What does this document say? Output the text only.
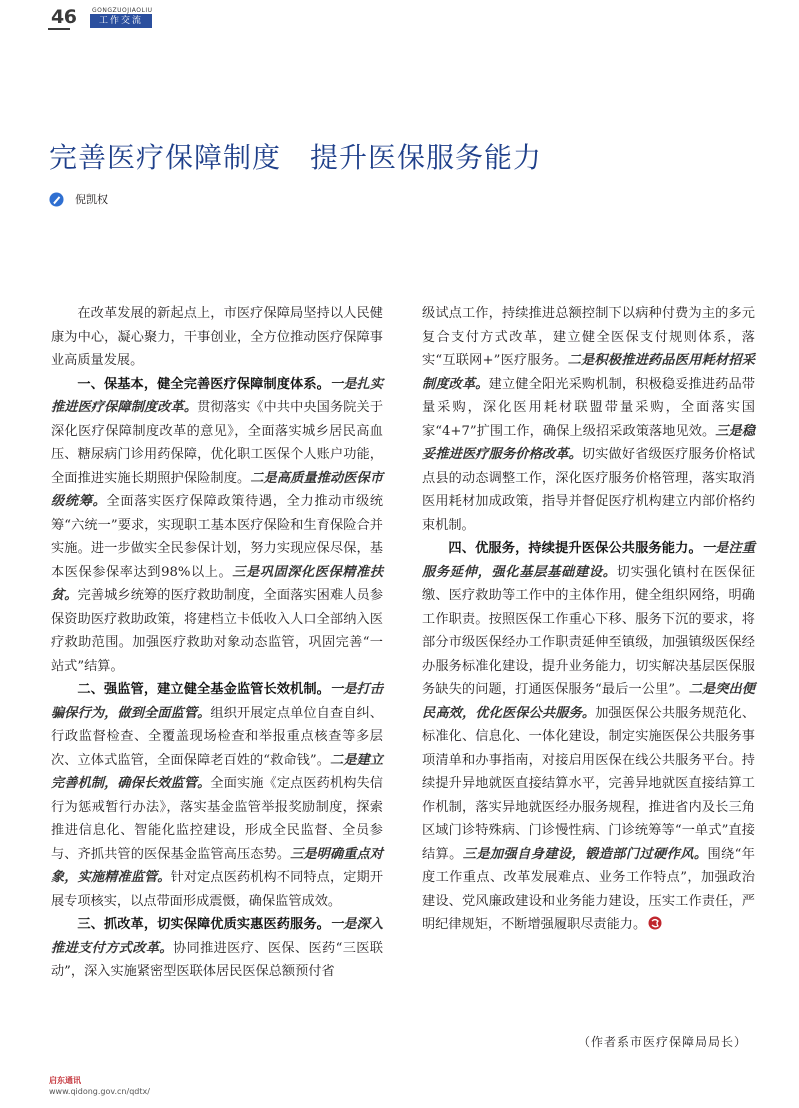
46	GONGZUOJIAOLIU
工作交流
完善医疗保障制度　提升医保服务能力
倪凯权

在改革发展的新起点上，市医疗保障局坚持以人民健康为中心，凝心聚力，干事创业，全方位推动医疗保障事业高质量发展。

一、保基本，健全完善医疗保障制度体系。一是扎实推进医疗保障制度改革。贯彻落实《中共中央国务院关于深化医疗保障制度改革的意见》，全面落实城乡居民高血压、糖尿病门诊用药保障，优化职工医保个人账户功能，全面推进实施长期照护保险制度。二是高质量推动医保市级统筹。全面落实医疗保障政策待遇，全力推动市级统筹“六统一”要求，实现职工基本医疗保险和生育保险合并实施。进一步做实全民参保计划，努力实现应保尽保，基本医保参保率达到98%以上。三是巩固深化医保精准扶贫。完善城乡统筹的医疗救助制度，全面落实困难人员参保资助医疗救助政策，将建档立卡低收入人口全部纳入医疗救助范围。加强医疗救助对象动态监管，巩固完善“一站式”结算。

二、强监管，建立健全基金监管长效机制。一是打击骗保行为，做到全面监管。组织开展定点单位自查自纠、行政监督检查、全覆盖现场检查和举报重点核查等多层次、立体式监管，全面保障老百姓的“救命钱”。二是建立完善机制，确保长效监管。全面实施《定点医药机构失信行为惩戒暂行办法》，落实基金监管举报奖励制度，探索推进信息化、智能化监控建设，形成全民监督、全员参与、齐抓共管的医保基金监管高压态势。三是明确重点对象，实施精准监管。针对定点医药机构不同特点，定期开展专项核实，以点带面形成震慑，确保监管成效。

三、抓改革，切实保障优质实惠医药服务。一是深入推进支付方式改革。协同推进医疗、医保、医药“三医联动”，深入实施紧密型医联体居民医保总额预付省

级试点工作，持续推进总额控制下以病种付费为主的多元复合支付方式改革，建立健全医保支付规则体系，落实“互联网+”医疗服务。二是积极推进药品医用耗材招采制度改革。建立健全阳光采购机制，积极稳妥推进药品带量采购，深化医用耗材联盟带量采购，全面落实国家“4+7”扩围工作，确保上级招采政策落地见效。三是稳妥推进医疗服务价格改革。切实做好省级医疗服务价格试点县的动态调整工作，深化医疗服务价格管理，落实取消医用耗材加成政策，指导并督促医疗机构建立内部价格约束机制。

四、优服务，持续提升医保公共服务能力。一是注重服务延伸，强化基层基础建设。切实强化镇村在医保征缴、医疗救助等工作中的主体作用，健全组织网络，明确工作职责。按照医保工作重心下移、服务下沉的要求，将部分市级医保经办工作职责延伸至镇级，加强镇级医保经办服务标准化建设，提升业务能力，切实解决基层医保服务缺失的问题，打通医保服务“最后一公里”。二是突出便民高效，优化医保公共服务。加强医保公共服务规范化、标准化、信息化、一体化建设，制定实施医保公共服务事项清单和办事指南，对接启用医保在线公共服务平台。持续提升异地就医直接结算水平，完善异地就医直接结算工作机制，落实异地就医经办服务规程，推进省内及长三角区域门诊特殊病、门诊慢性病、门诊统筹等“一单式”直接结算。三是加强自身建设，锻造部门过硬作风。围绕“年度工作重点、改革发展难点、业务工作特点”，加强政治建设、党风廉政建设和业务能力建设，压实工作责任，严明纪律规矩，不断增强履职尽责能力。

（作者系市医疗保障局局长）
启东通讯
www.qidong.gov.cn/qdtx/
